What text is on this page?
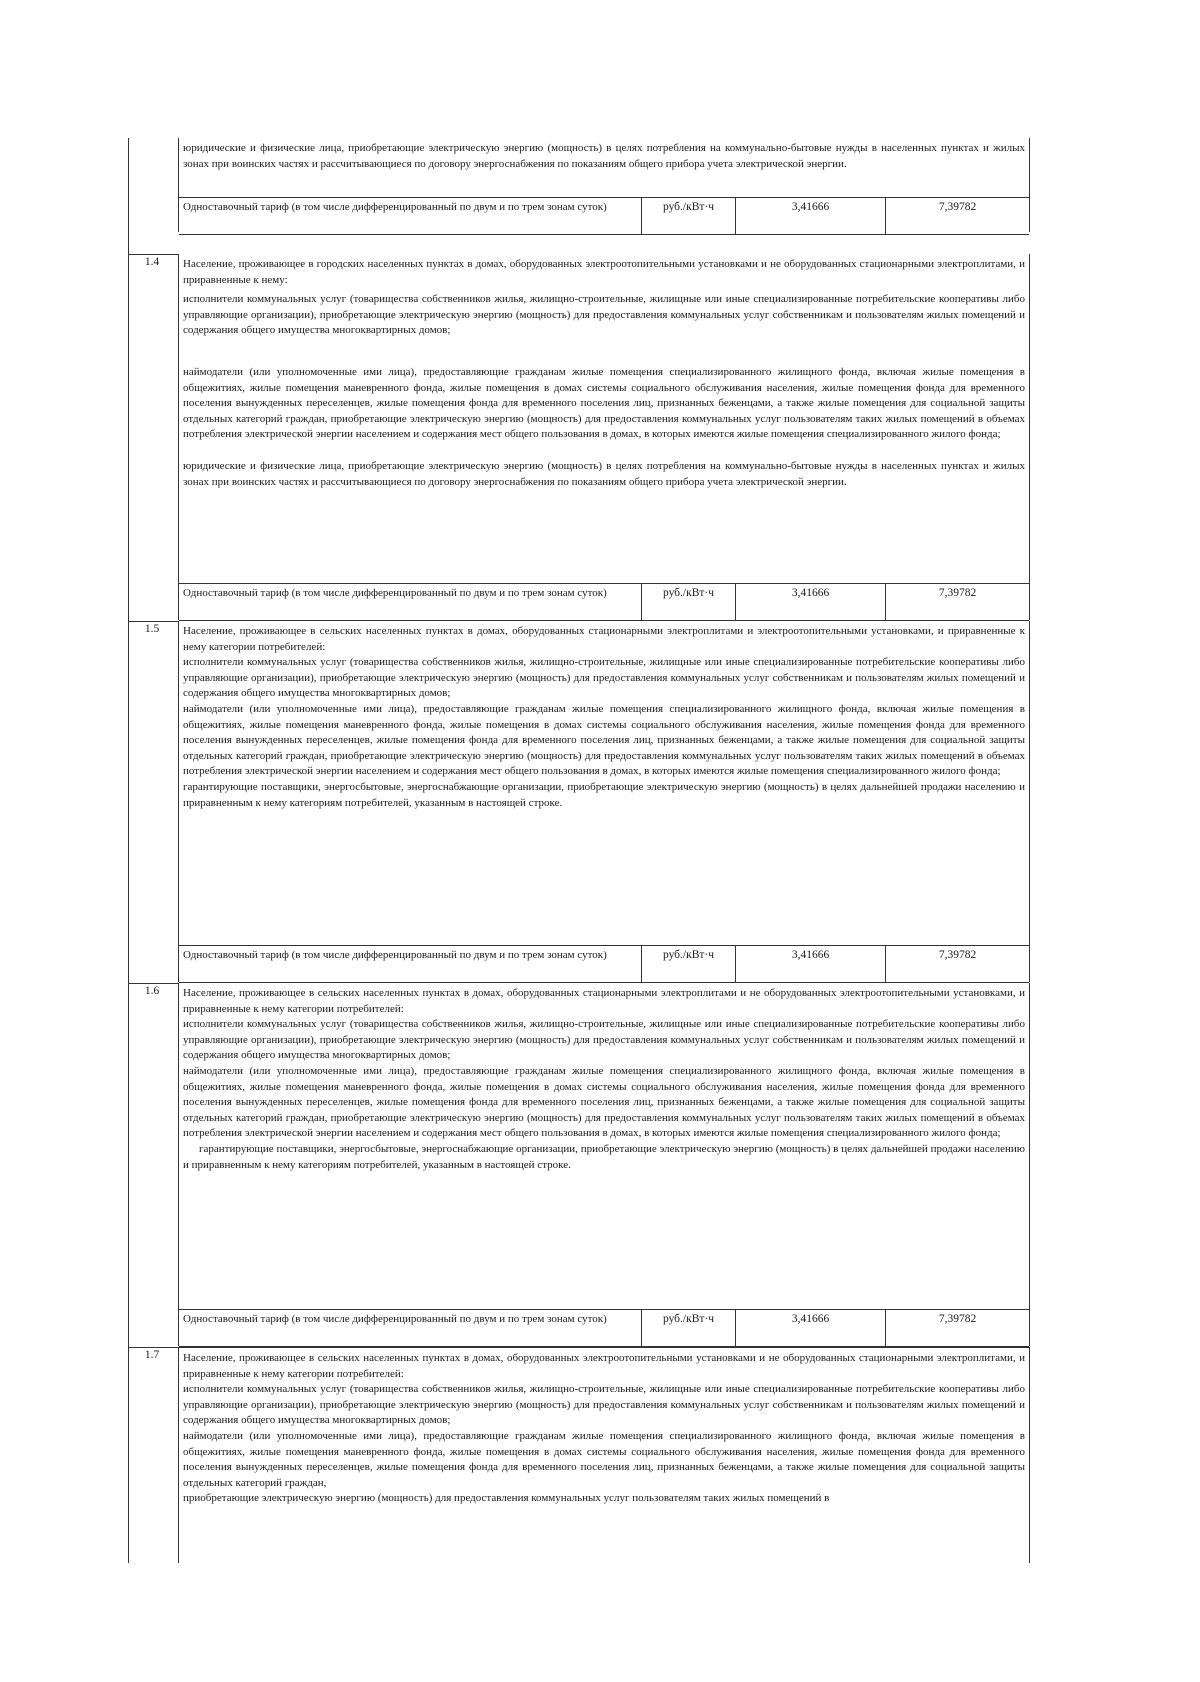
юридические и физические лица, приобретающие электрическую энергию (мощность) в целях потребления на коммунально-бытовые нужды в населенных пунктах и жилых зонах при воинских частях и рассчитывающиеся по договору энергоснабжения по показаниям общего прибора учета электрической энергии.

Одноставочный тариф (в том числе дифференцированный по двум и по трем зонам суток)	руб./кВт·ч	3,41666	7,39782
1.4	Население, проживающее в городских населенных пунктах в домах, оборудованных электроотопительными установками и не оборудованных стационарными электроплитами, и приравненные к нему:

исполнители коммунальных услуг (товарищества собственников жилья, жилищно-строительные, жилищные или иные специализированные потребительские кооперативы либо управляющие организации), приобретающие электрическую энергию (мощность) для предоставления коммунальных услуг собственникам и пользователям жилых помещений и содержания общего имущества многоквартирных домов;

наймодатели (или уполномоченные ими лица), предоставляющие гражданам жилые помещения специализированного жилищного фонда, включая жилые помещения в общежитиях, жилые помещения маневренного фонда, жилые помещения в домах системы социального обслуживания населения, жилые помещения фонда для временного поселения вынужденных переселенцев, жилые помещения фонда для временного поселения лиц, признанных беженцами, а также жилые помещения для социальной защиты отдельных категорий граждан, приобретающие электрическую энергию (мощность) для предоставления коммунальных услуг пользователям таких жилых помещений в объемах потребления электрической энергии населением и содержания мест общего пользования в домах, в которых имеются жилые помещения специализированного жилого фонда;

юридические и физические лица, приобретающие электрическую энергию (мощность) в целях потребления на коммунально-бытовые нужды в населенных пунктах и жилых зонах при воинских частях и рассчитывающиеся по договору энергоснабжения по показаниям общего прибора учета электрической энергии.

Одноставочный тариф (в том числе дифференцированный по двум и по трем зонам суток)	руб./кВт·ч	3,41666	7,39782
1.5	Население, проживающее в сельских населенных пунктах в домах, оборудованных стационарными электроплитами и электроотопительными установками, и приравненные к нему категории потребителей:

исполнители коммунальных услуг (товарищества собственников жилья, жилищно-строительные, жилищные или иные специализированные потребительские кооперативы либо управляющие организации), приобретающие электрическую энергию (мощность) для предоставления коммунальных услуг собственникам и пользователям жилых помещений и содержания общего имущества многоквартирных домов;

наймодатели (или уполномоченные ими лица), предоставляющие гражданам жилые помещения специализированного жилищного фонда, включая жилые помещения в общежитиях, жилые помещения маневренного фонда, жилые помещения в домах системы социального обслуживания населения, жилые помещения фонда для временного поселения вынужденных переселенцев, жилые помещения фонда для временного поселения лиц, признанных беженцами, а также жилые помещения для социальной защиты отдельных категорий граждан, приобретающие электрическую энергию (мощность) для предоставления коммунальных услуг пользователям таких жилых помещений в объемах потребления электрической энергии населением и содержания мест общего пользования в домах, в которых имеются жилые помещения специализированного жилого фонда;

гарантирующие поставщики, энергосбытовые, энергоснабжающие организации, приобретающие электрическую энергию (мощность) в целях дальнейшей продажи населению и приравненным к нему категориям потребителей, указанным в настоящей строке.

Одноставочный тариф (в том числе дифференцированный по двум и по трем зонам суток)	руб./кВт·ч	3,41666	7,39782
1.6	Население, проживающее в сельских населенных пунктах в домах, оборудованных стационарными электроплитами и не оборудованных электроотопительными установками, и приравненные к нему категории потребителей:

исполнители коммунальных услуг (товарищества собственников жилья, жилищно-строительные, жилищные или иные специализированные потребительские кооперативы либо управляющие организации), приобретающие электрическую энергию (мощность) для предоставления коммунальных услуг собственникам и пользователям жилых помещений и содержания общего имущества многоквартирных домов;

наймодатели (или уполномоченные ими лица), предоставляющие гражданам жилые помещения специализированного жилищного фонда, включая жилые помещения в общежитиях, жилые помещения маневренного фонда, жилые помещения в домах системы социального обслуживания населения, жилые помещения фонда для временного поселения вынужденных переселенцев, жилые помещения фонда для временного поселения лиц, признанных беженцами, а также жилые помещения для социальной защиты отдельных категорий граждан, приобретающие электрическую энергию (мощность) для предоставления коммунальных услуг пользователям таких жилых помещений в объемах потребления электрической энергии населением и содержания мест общего пользования в домах, в которых имеются жилые помещения специализированного жилого фонда;

гарантирующие поставщики, энергосбытовые, энергоснабжающие организации, приобретающие электрическую энергию (мощность) в целях дальнейшей продажи населению и приравненным к нему категориям потребителей, указанным в настоящей строке.

Одноставочный тариф (в том числе дифференцированный по двум и по трем зонам суток)	руб./кВт·ч	3,41666	7,39782
1.7	Население, проживающее в сельских населенных пунктах в домах, оборудованных электроотопительными установками и не оборудованных стационарными электроплитами, и приравненные к нему категории потребителей:

исполнители коммунальных услуг (товарищества собственников жилья, жилищно-строительные, жилищные или иные специализированные потребительские кооперативы либо управляющие организации), приобретающие электрическую энергию (мощность) для предоставления коммунальных услуг собственникам и пользователям жилых помещений и содержания общего имущества многоквартирных домов;

наймодатели (или уполномоченные ими лица), предоставляющие гражданам жилые помещения специализированного жилищного фонда, включая жилые помещения в общежитиях, жилые помещения маневренного фонда, жилые помещения в домах системы социального обслуживания населения, жилые помещения фонда для временного поселения вынужденных переселенцев, жилые помещения фонда для временного поселения лиц, признанных беженцами, а также жилые помещения для социальной защиты отдельных категорий граждан,

приобретающие электрическую энергию (мощность) для предоставления коммунальных услуг пользователям таких жилых помещений в
